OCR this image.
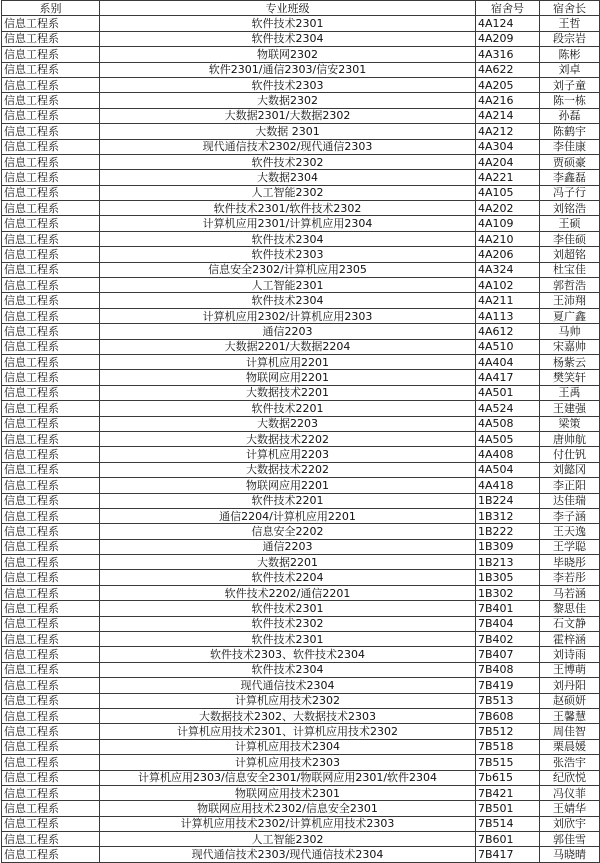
系别	专业班级	宿舍号	宿舍长
信息工程系	软件技术2301	4A124	王哲
信息工程系	软件技术2304	4A209	段宗岩
信息工程系	物联网2302	4A316	陈彬
信息工程系	软件2301/通信2303/信安2301	4A622	刘卓
信息工程系	软件技术2303	4A205	刘子童
信息工程系	大数据2302	4A216	陈一栋
信息工程系	大数据2301/大数据2302	4A214	孙磊
信息工程系	大数据 2301	4A212	陈鹤宇
信息工程系	现代通信技术2302/现代通信2303	4A304	李佳康
信息工程系	软件技术2302	4A204	贾硕豪
信息工程系	大数据2304	4A221	李鑫磊
信息工程系	人工智能2302	4A105	冯子行
信息工程系	软件技术2301/软件技术2302	4A202	刘铭浩
信息工程系	计算机应用2301/计算机应用2304	4A109	王硕
信息工程系	软件技术2304	4A210	李佳硕
信息工程系	软件技术2303	4A206	刘超铭
信息工程系	信息安全2302/计算机应用2305	4A324	杜宝佳
信息工程系	人工智能2301	4A102	郭哲浩
信息工程系	软件技术2304	4A211	王沛翔
信息工程系	计算机应用2302/计算机应用2303	4A113	夏广鑫
信息工程系	通信2203	4A612	马帅
信息工程系	大数据2201/大数据2204	4A510	宋嘉帅
信息工程系	计算机应用2201	4A404	杨紫云
信息工程系	物联网应用2201	4A417	樊笑轩
信息工程系	大数据技术2201	4A501	王禹
信息工程系	软件技术2201	4A524	王建强
信息工程系	大数据2203	4A508	梁策
信息工程系	大数据技术2202	4A505	唐帅航
信息工程系	计算机应用2203	4A408	付仕钒
信息工程系	大数据技术2202	4A504	刘懿冈
信息工程系	物联网应用2201	4A418	李正阳
信息工程系	软件技术2201	1B224	达佳瑞
信息工程系	通信2204/计算机应用2201	1B312	李子涵
信息工程系	信息安全2202	1B222	王天逸
信息工程系	通信2203	1B309	王学聪
信息工程系	大数据2201	1B213	毕晓彤
信息工程系	软件技术2204	1B305	李若彤
信息工程系	软件技术2202/通信2201	1B302	马若涵
信息工程系	软件技术2301	7B401	黎思佳
信息工程系	软件技术2302	7B404	石文静
信息工程系	软件技术2301	7B402	霍梓涵
信息工程系	软件技术2303、软件技术2304	7B407	刘诗雨
信息工程系	软件技术2304	7B408	王博萌
信息工程系	现代通信技术2304	7B419	刘丹阳
信息工程系	计算机应用技术2302	7B513	赵硕妍
信息工程系	大数据技术2302、大数据技术2303	7B608	王馨慧
信息工程系	计算机应用技术2301、计算机应用技术2302	7B512	周佳智
信息工程系	计算机应用技术2304	7B518	栗晨媛
信息工程系	计算机应用技术2303	7B515	张浩宇
信息工程系	计算机应用2303/信息安全2301/物联网应用2301/软件2304	7b615	纪欣悦
信息工程系	物联网应用技术2301	7B421	冯仪菲
信息工程系	物联网应用技术2302/信息安全2301	7B501	王婧华
信息工程系	计算机应用技术2302/计算机应用技术2303	7B514	刘欣宇
信息工程系	人工智能2302	7B601	郭佳雪
信息工程系	现代通信技术2303/现代通信技术2304	7B417	马晓晴
